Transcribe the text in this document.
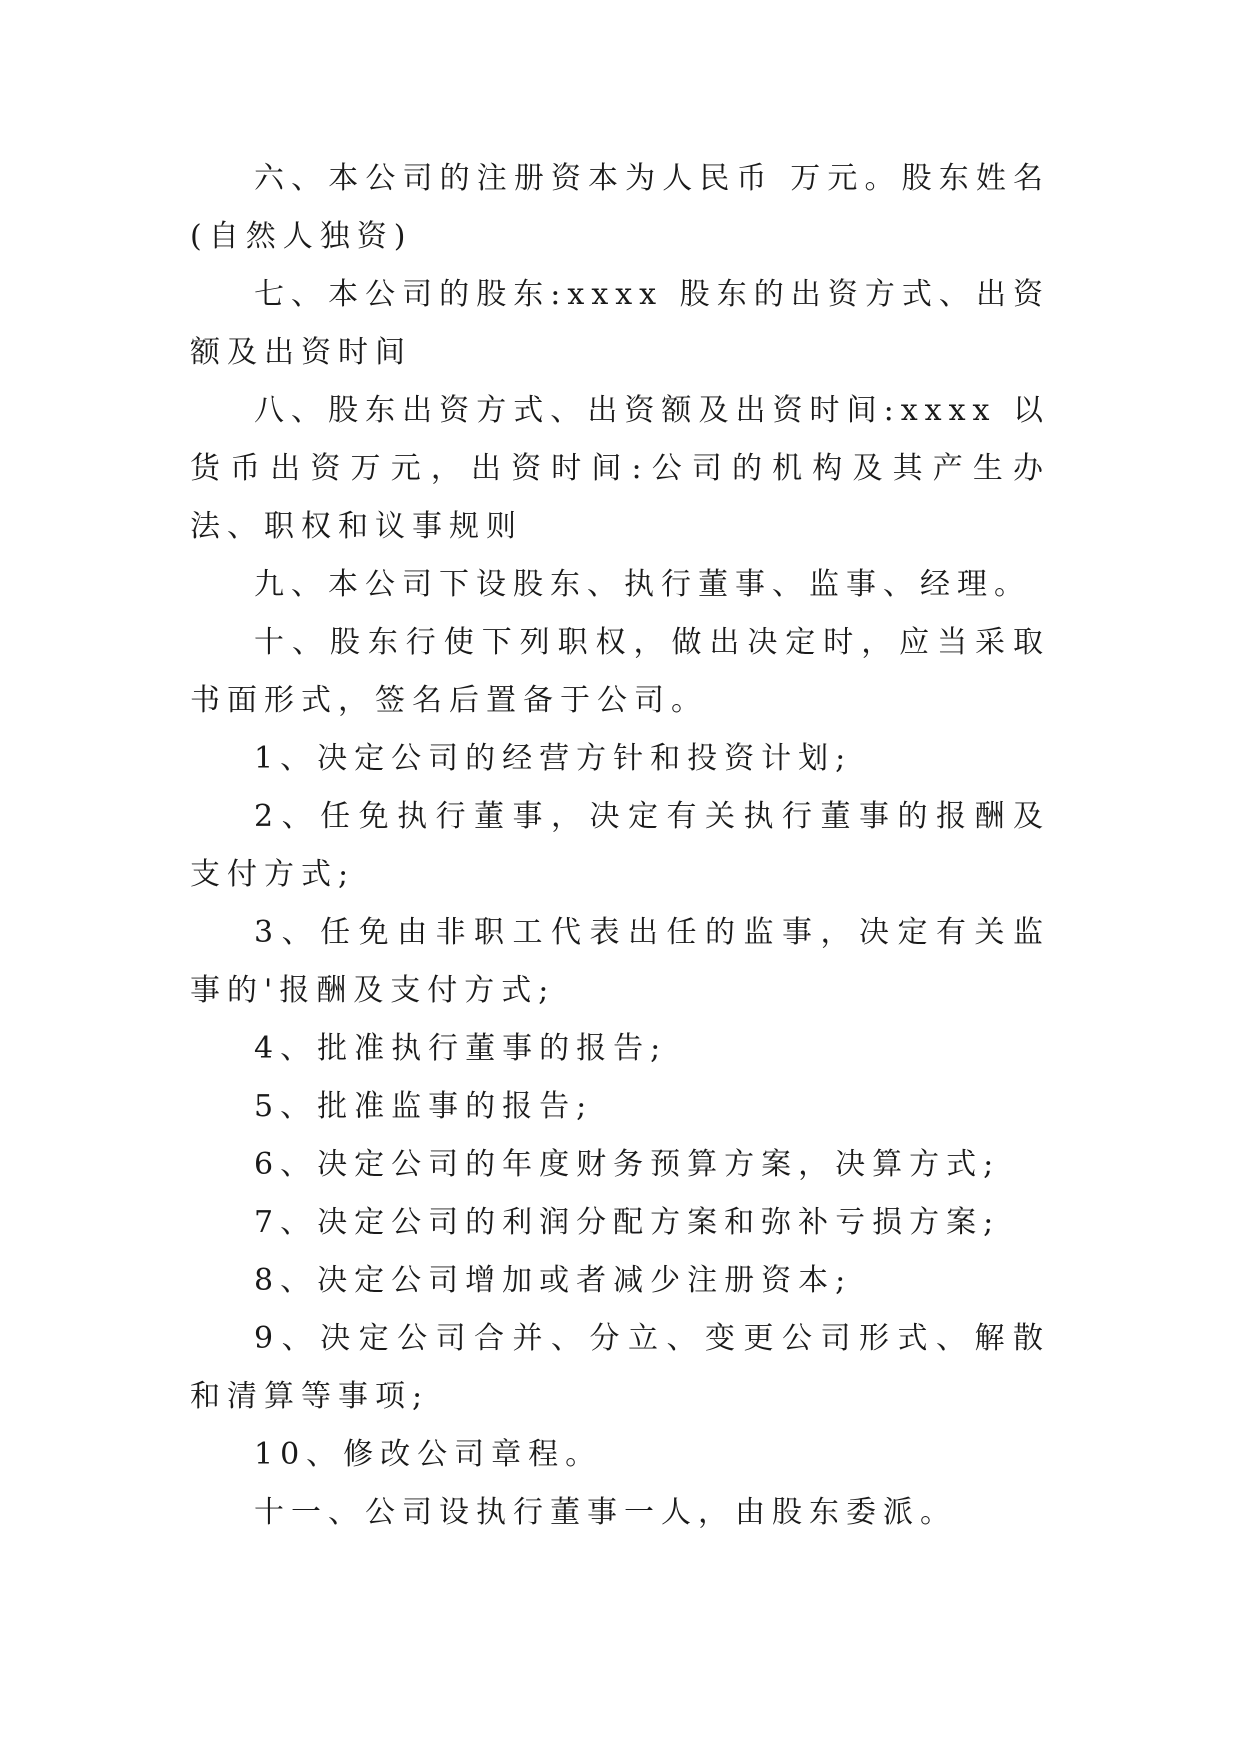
六、本公司的注册资本为人民币 万元。股东姓名(自然人独资)

七、本公司的股东:xxxx 股东的出资方式、出资额及出资时间

八、股东出资方式、出资额及出资时间:xxxx 以货币出资万元，出资时间:公司的机构及其产生办法、职权和议事规则

九、本公司下设股东、执行董事、监事、经理。

十、股东行使下列职权，做出决定时，应当采取书面形式，签名后置备于公司。

1、决定公司的经营方针和投资计划;

2、任免执行董事，决定有关执行董事的报酬及支付方式;

3、任免由非职工代表出任的监事，决定有关监事的'报酬及支付方式;

4、批准执行董事的报告;

5、批准监事的报告;

6、决定公司的年度财务预算方案，决算方式;

7、决定公司的利润分配方案和弥补亏损方案;

8、决定公司增加或者减少注册资本;

9、决定公司合并、分立、变更公司形式、解散和清算等事项;

10、修改公司章程。

十一、公司设执行董事一人，由股东委派。
